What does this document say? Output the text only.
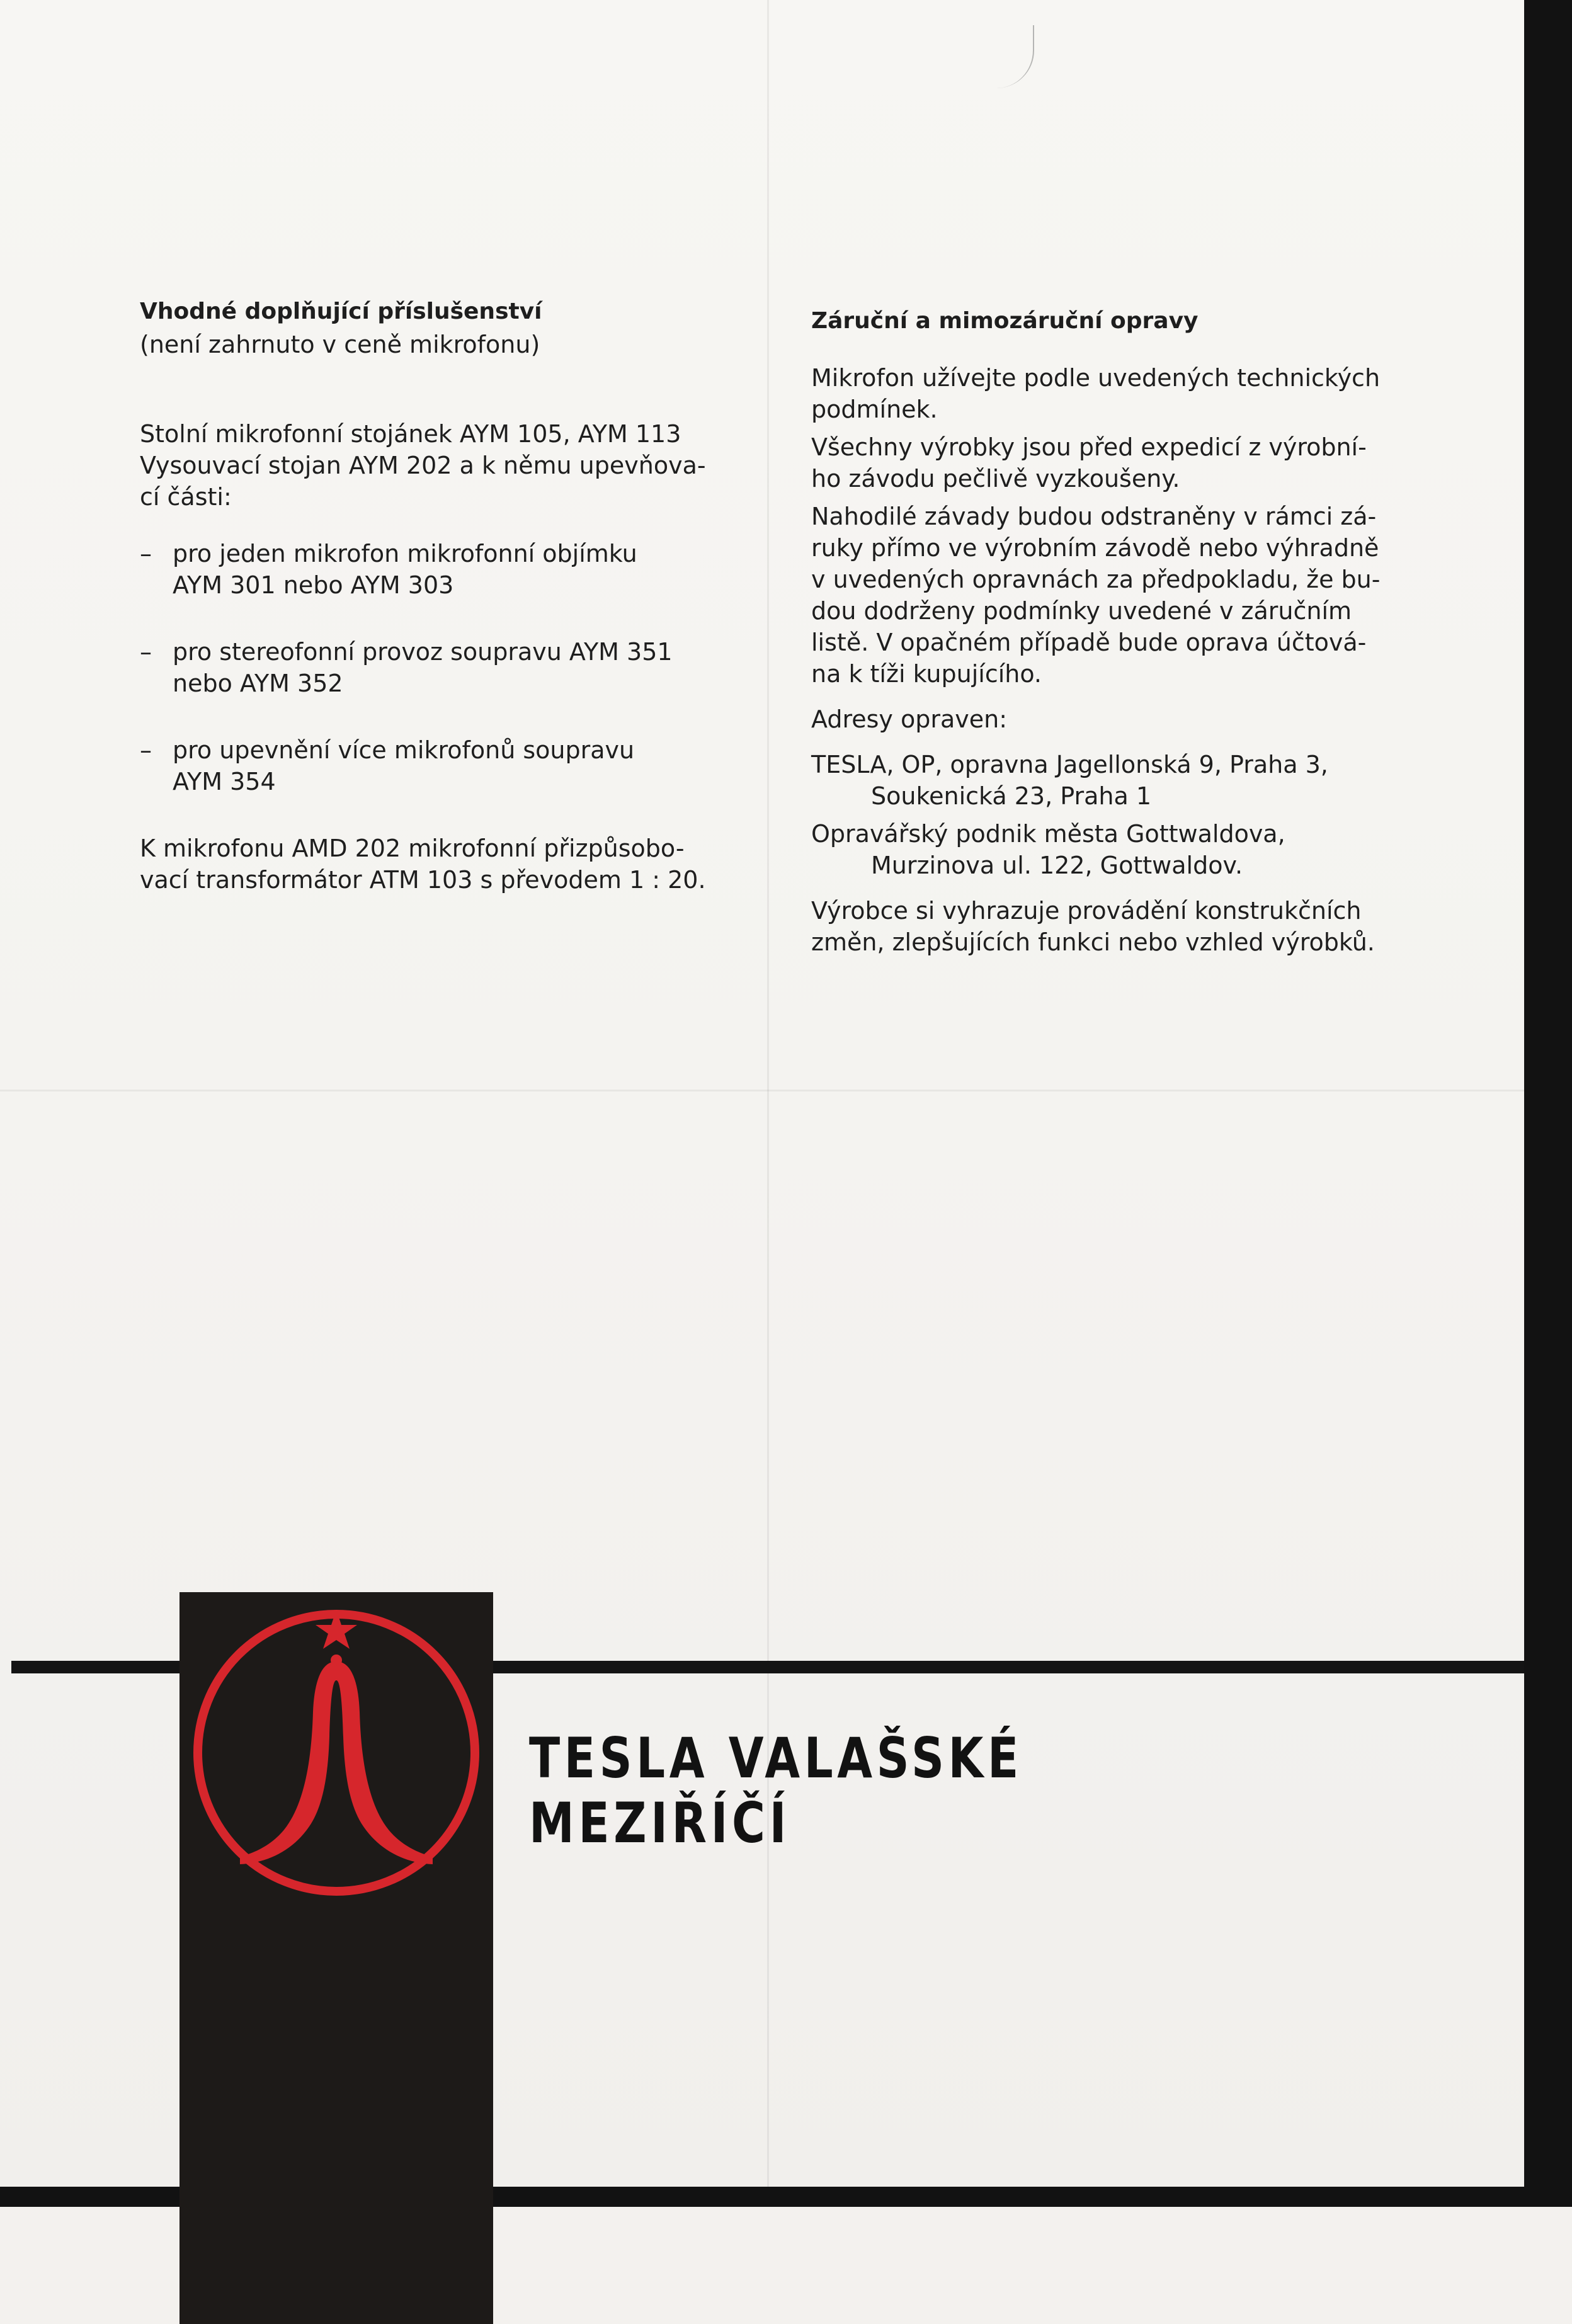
Vhodné doplňující příslušenství

(není zahrnuto v ceně mikrofonu)

Stolní mikrofonní stojánek AYM 105, AYM 113

Vysouvací stojan AYM 202 a k němu upevňova-

cí části:

– pro jeden mikrofon mikrofonní objímku

AYM 301 nebo AYM 303

– pro stereofonní provoz soupravu AYM 351

nebo AYM 352

– pro upevnění více mikrofonů soupravu

AYM 354

K mikrofonu AMD 202 mikrofonní přizpůsobo-

vací transformátor ATM 103 s převodem 1 : 20.

Záruční a mimozáruční opravy

Mikrofon užívejte podle uvedených technických

podmínek.

Všechny výrobky jsou před expedicí z výrobní-

ho závodu pečlivě vyzkoušeny.

Nahodilé závady budou odstraněny v rámci zá-

ruky přímo ve výrobním závodě nebo výhradně

v uvedených opravnách za předpokladu, že bu-

dou dodrženy podmínky uvedené v záručním

listě. V opačném případě bude oprava účtová-

na k tíži kupujícího.

Adresy opraven:

TESLA, OP, opravna Jagellonská 9, Praha 3,

Soukenická 23, Praha 1

Opravářský podnik města Gottwaldova,

Murzinova ul. 122, Gottwaldov.

Výrobce si vyhrazuje provádění konstrukčních

změn, zlepšujících funkci nebo vzhled výrobků.

TESLA VALAŠSKÉ MEZIŘÍČÍ
